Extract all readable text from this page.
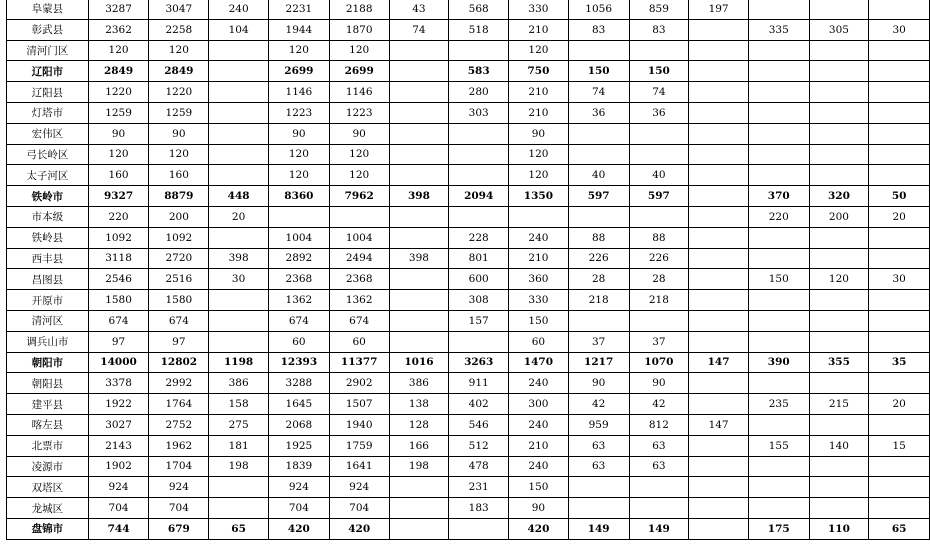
阜蒙县	3287	3047	240	2231	2188	43	568	330	1056	859	197			
彰武县	2362	2258	104	1944	1870	74	518	210	83	83		335	305	30
清河门区	120	120		120	120			120						
辽阳市	2849	2849		2699	2699		583	750	150	150				
辽阳县	1220	1220		1146	1146		280	210	74	74				
灯塔市	1259	1259		1223	1223		303	210	36	36				
宏伟区	90	90		90	90			90						
弓长岭区	120	120		120	120			120						
太子河区	160	160		120	120			120	40	40				
铁岭市	9327	8879	448	8360	7962	398	2094	1350	597	597		370	320	50
市本级	220	200	20									220	200	20
铁岭县	1092	1092		1004	1004		228	240	88	88				
西丰县	3118	2720	398	2892	2494	398	801	210	226	226				
昌图县	2546	2516	30	2368	2368		600	360	28	28		150	120	30
开原市	1580	1580		1362	1362		308	330	218	218				
清河区	674	674		674	674		157	150						
调兵山市	97	97		60	60			60	37	37				
朝阳市	14000	12802	1198	12393	11377	1016	3263	1470	1217	1070	147	390	355	35
朝阳县	3378	2992	386	3288	2902	386	911	240	90	90				
建平县	1922	1764	158	1645	1507	138	402	300	42	42		235	215	20
喀左县	3027	2752	275	2068	1940	128	546	240	959	812	147			
北票市	2143	1962	181	1925	1759	166	512	210	63	63		155	140	15
凌源市	1902	1704	198	1839	1641	198	478	240	63	63				
双塔区	924	924		924	924		231	150						
龙城区	704	704		704	704		183	90						
盘锦市	744	679	65	420	420			420	149	149		175	110	65
